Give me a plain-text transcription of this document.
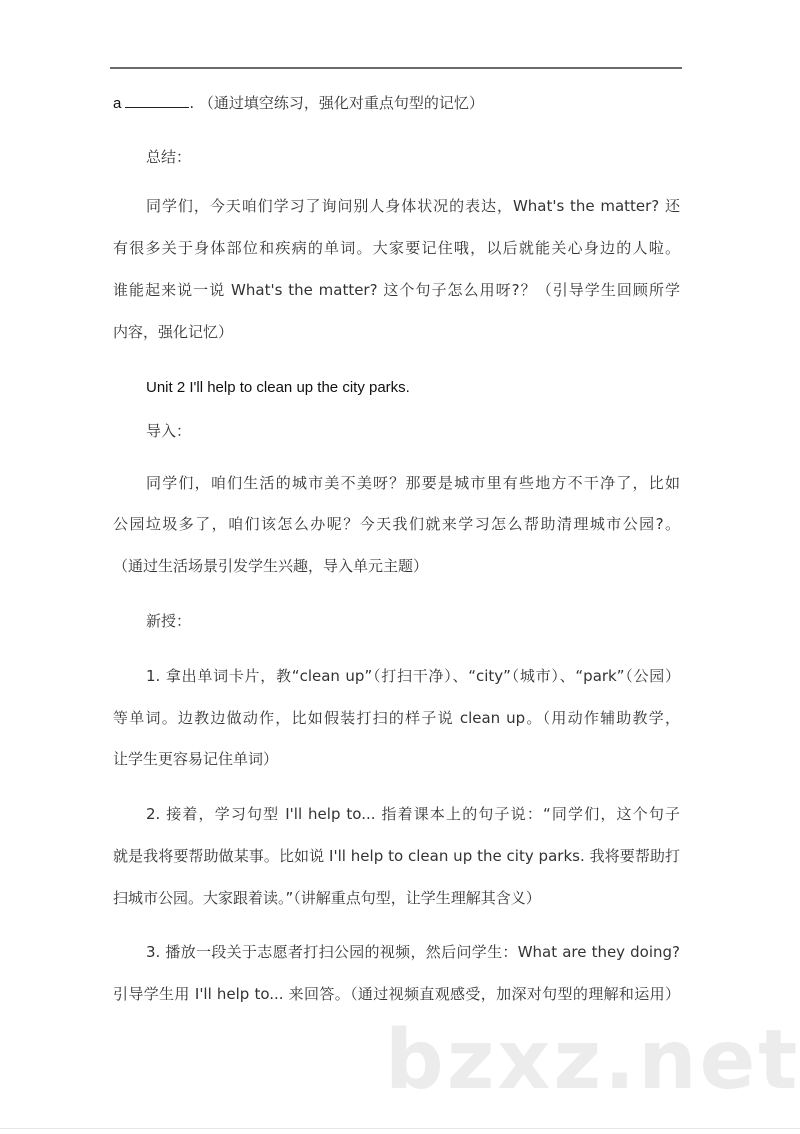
a	. （通过填空练习，强化对重点句型的记忆）
总结：
同学们，今天咱们学习了询问别人身体状况的表达，What's the matter? 还
有很多关于身体部位和疾病的单词。大家要记住哦，以后就能关心身边的人啦。
谁能起来说一说 What's the matter? 这个句子怎么用呀?？（引导学生回顾所学
内容，强化记忆）
Unit 2 I'll help to clean up the city parks.
导入：
同学们，咱们生活的城市美不美呀？那要是城市里有些地方不干净了，比如
公园垃圾多了，咱们该怎么办呢？今天我们就来学习怎么帮助清理城市公园?。
（通过生活场景引发学生兴趣，导入单元主题）
新授：
1. 拿出单词卡片，教“clean up”（打扫干净）、“city”（城市）、“park”（公园）
等单词。边教边做动作，比如假装打扫的样子说 clean up。（用动作辅助教学，
让学生更容易记住单词）
2. 接着，学习句型 I'll help to... 指着课本上的句子说：“同学们，这个句子
就是我将要帮助做某事。比如说 I'll help to clean up the city parks. 我将要帮助打
扫城市公园。大家跟着读。”（讲解重点句型，让学生理解其含义）
3. 播放一段关于志愿者打扫公园的视频，然后问学生：What are they doing?
引导学生用 I'll help to... 来回答。（通过视频直观感受，加深对句型的理解和运用）
bzxz.net
